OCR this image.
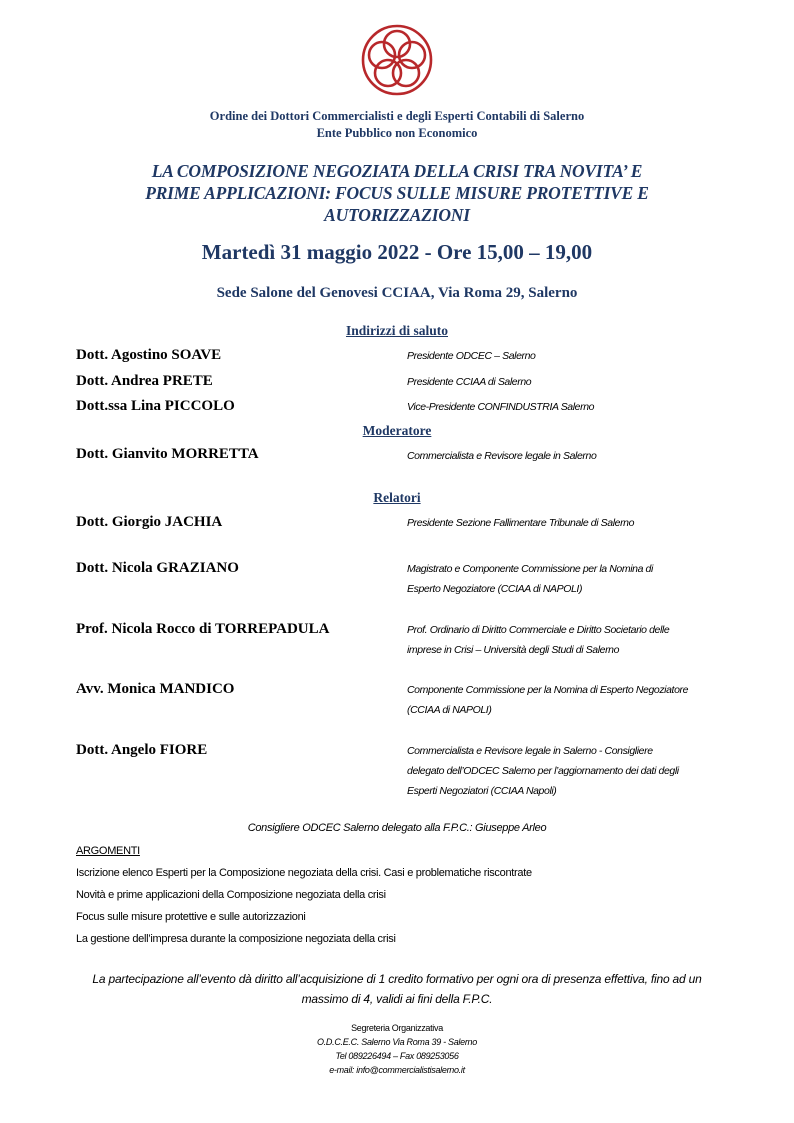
Ordine dei Dottori Commercialisti e degli Esperti Contabili di Salerno
Ente Pubblico non Economico
LA COMPOSIZIONE NEGOZIATA DELLA CRISI TRA NOVITA’ E
PRIME APPLICAZIONI: FOCUS SULLE MISURE PROTETTIVE E
AUTORIZZAZIONI
Martedì 31 maggio 2022 - Ore 15,00 – 19,00
Sede Salone del Genovesi CCIAA, Via Roma 29, Salerno
Indirizzi di saluto
Dott. Agostino SOAVE	Presidente ODCEC – Salerno
Dott. Andrea PRETE	Presidente CCIAA di Salerno
Dott.ssa Lina PICCOLO	Vice-Presidente CONFINDUSTRIA Salerno
Moderatore
Dott. Gianvito MORRETTA	Commercialista e Revisore legale in Salerno
Relatori
Dott. Giorgio JACHIA	Presidente Sezione Fallimentare Tribunale di Salerno
Dott. Nicola GRAZIANO	Magistrato e Componente Commissione per la Nomina di
Esperto Negoziatore (CCIAA di NAPOLI)
Prof. Nicola Rocco di TORREPADULA	Prof. Ordinario di Diritto Commerciale e Diritto Societario delle
imprese in Crisi – Università degli Studi di Salerno
Avv. Monica MANDICO	Componente Commissione per la Nomina di Esperto Negoziatore
(CCIAA di NAPOLI)
Dott. Angelo FIORE	Commercialista e Revisore legale in Salerno - Consigliere
delegato dell’ODCEC Salerno per l’aggiornamento dei dati degli
Esperti Negoziatori (CCIAA Napoli)
Consigliere ODCEC Salerno delegato alla F.P.C.: Giuseppe Arleo
ARGOMENTI
Iscrizione elenco Esperti per la Composizione negoziata della crisi. Casi e problematiche riscontrate
Novità e prime applicazioni della Composizione negoziata della crisi
Focus sulle misure protettive e sulle autorizzazioni
La gestione dell’impresa durante la composizione negoziata della crisi
La partecipazione all’evento dà diritto all’acquisizione di 1 credito formativo per ogni ora di presenza effettiva, fino ad un
massimo di 4, validi ai fini della F.P.C.
Segreteria Organizzativa
O.D.C.E.C. Salerno Via Roma 39 - Salerno
Tel 089226494 – Fax 089253056
e-mail: info@commercialistisalerno.it
